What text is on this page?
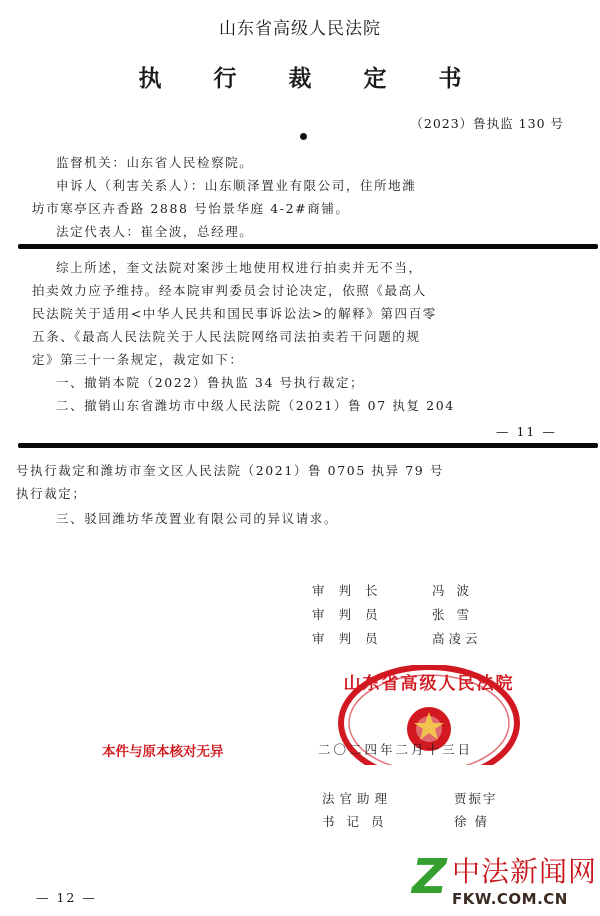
山东省高级人民法院
执 行 裁 定 书
（2023）鲁执监 130 号
监督机关：山东省人民检察院。
申诉人（利害关系人）：山东顺泽置业有限公司，住所地潍
坊市寒亭区卉香路 2888 号怡景华庭 4-2#商铺。
法定代表人：崔全波，总经理。
综上所述，奎文法院对案涉土地使用权进行拍卖并无不当，
拍卖效力应予维持。经本院审判委员会讨论决定，依照《最高人
民法院关于适用<中华人民共和国民事诉讼法>的解释》第四百零
五条、《最高人民法院关于人民法院网络司法拍卖若干问题的规
定》第三十一条规定，裁定如下：
一、撤销本院（2022）鲁执监 34 号执行裁定；
二、撤销山东省潍坊市中级人民法院（2021）鲁 07 执复 204
— 11 —
号执行裁定和潍坊市奎文区人民法院（2021）鲁 0705 执异 79 号
执行裁定；
三、驳回潍坊华茂置业有限公司的异议请求。
审判长	冯 波
审判员	张 雪
审判员	高凌云
山东省高级人民法院
本件与原本核对无异	二〇二四年二月十三日
法官助理	贾振宇
书记员	徐 倩
— 12 —	Z 中法新闻网
FKW.COM.CN
